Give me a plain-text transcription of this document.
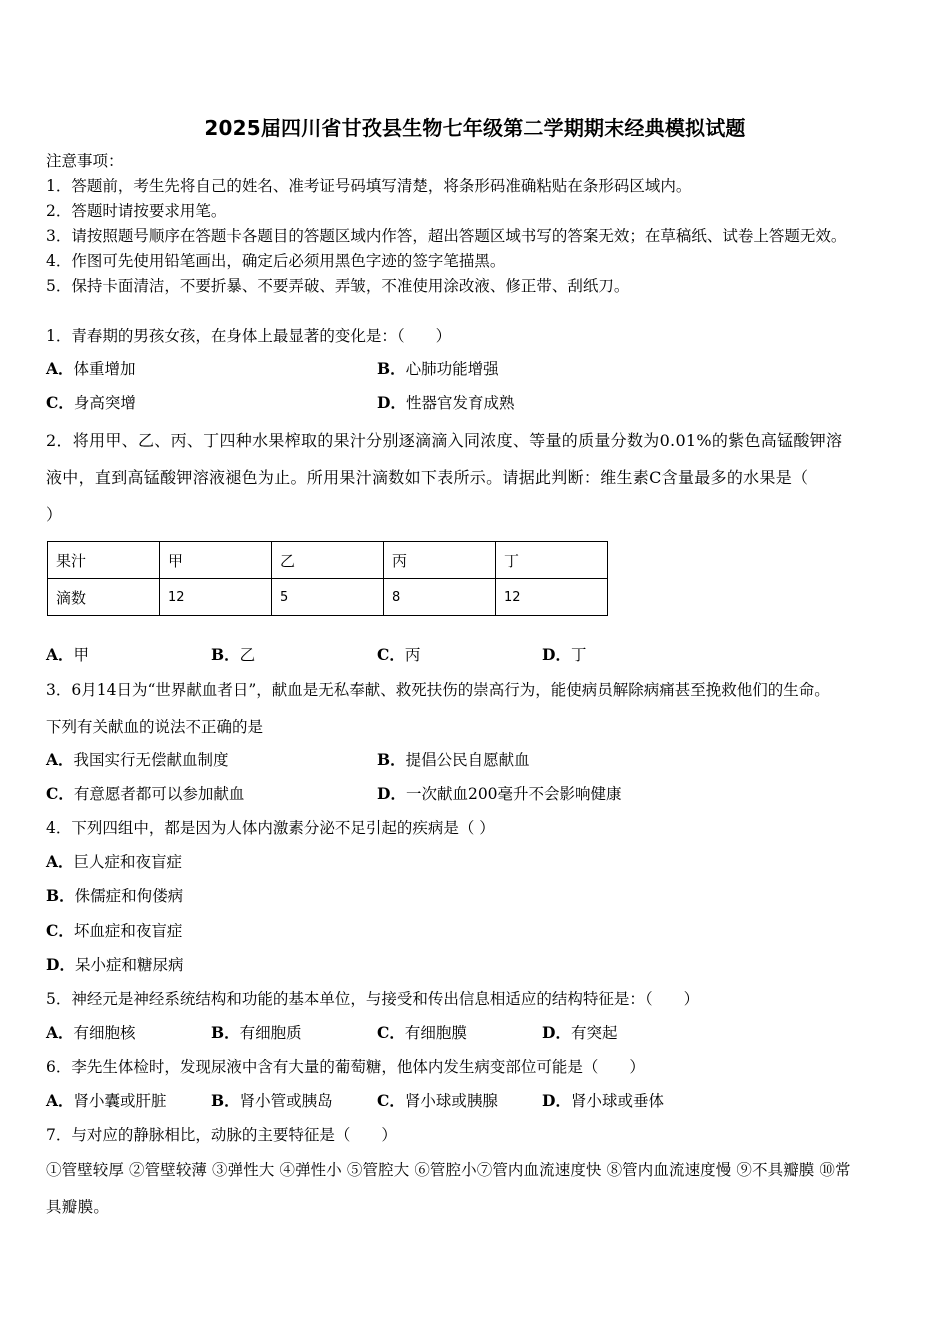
2025届四川省甘孜县生物七年级第二学期期末经典模拟试题
注意事项：
1．答题前，考生先将自己的姓名、准考证号码填写清楚，将条形码准确粘贴在条形码区域内。
2．答题时请按要求用笔。
3．请按照题号顺序在答题卡各题目的答题区域内作答，超出答题区域书写的答案无效；在草稿纸、试卷上答题无效。
4．作图可先使用铅笔画出，确定后必须用黑色字迹的签字笔描黑。
5．保持卡面清洁，不要折暴、不要弄破、弄皱，不准使用涂改液、修正带、刮纸刀。
1．青春期的男孩女孩，在身体上最显著的变化是：（　　）
A．体重增加	B．心肺功能增强
C．身高突增	D．性器官发育成熟
2．将用甲、乙、丙、丁四种水果榨取的果汁分别逐滴滴入同浓度、等量的质量分数为0.01%的紫色高锰酸钾溶
液中，直到高锰酸钾溶液褪色为止。所用果汁滴数如下表所示。请据此判断：维生素C含量最多的水果是（
）
果汁	甲	乙	丙	丁
滴数	12	5	8	12
A．甲	B．乙	C．丙	D．丁
3．6月14日为“世界献血者日”，献血是无私奉献、救死扶伤的崇高行为，能使病员解除病痛甚至挽救他们的生命。
下列有关献血的说法不正确的是
A．我国实行无偿献血制度	B．提倡公民自愿献血
C．有意愿者都可以参加献血	D．一次献血200毫升不会影响健康
4．下列四组中，都是因为人体内激素分泌不足引起的疾病是（ ）
A．巨人症和夜盲症
B．侏儒症和佝偻病
C．坏血症和夜盲症
D．呆小症和糖尿病
5．神经元是神经系统结构和功能的基本单位，与接受和传出信息相适应的结构特征是：（　　）
A．有细胞核	B．有细胞质	C．有细胞膜	D．有突起
6．李先生体检时，发现尿液中含有大量的葡萄糖，他体内发生病变部位可能是（　　）
A．肾小囊或肝脏	B．肾小管或胰岛	C．肾小球或胰腺	D．肾小球或垂体
7．与对应的静脉相比，动脉的主要特征是（　　）
①管壁较厚 ②管壁较薄 ③弹性大 ④弹性小 ⑤管腔大 ⑥管腔小⑦管内血流速度快 ⑧管内血流速度慢 ⑨不具瓣膜 ⑩常
具瓣膜。
